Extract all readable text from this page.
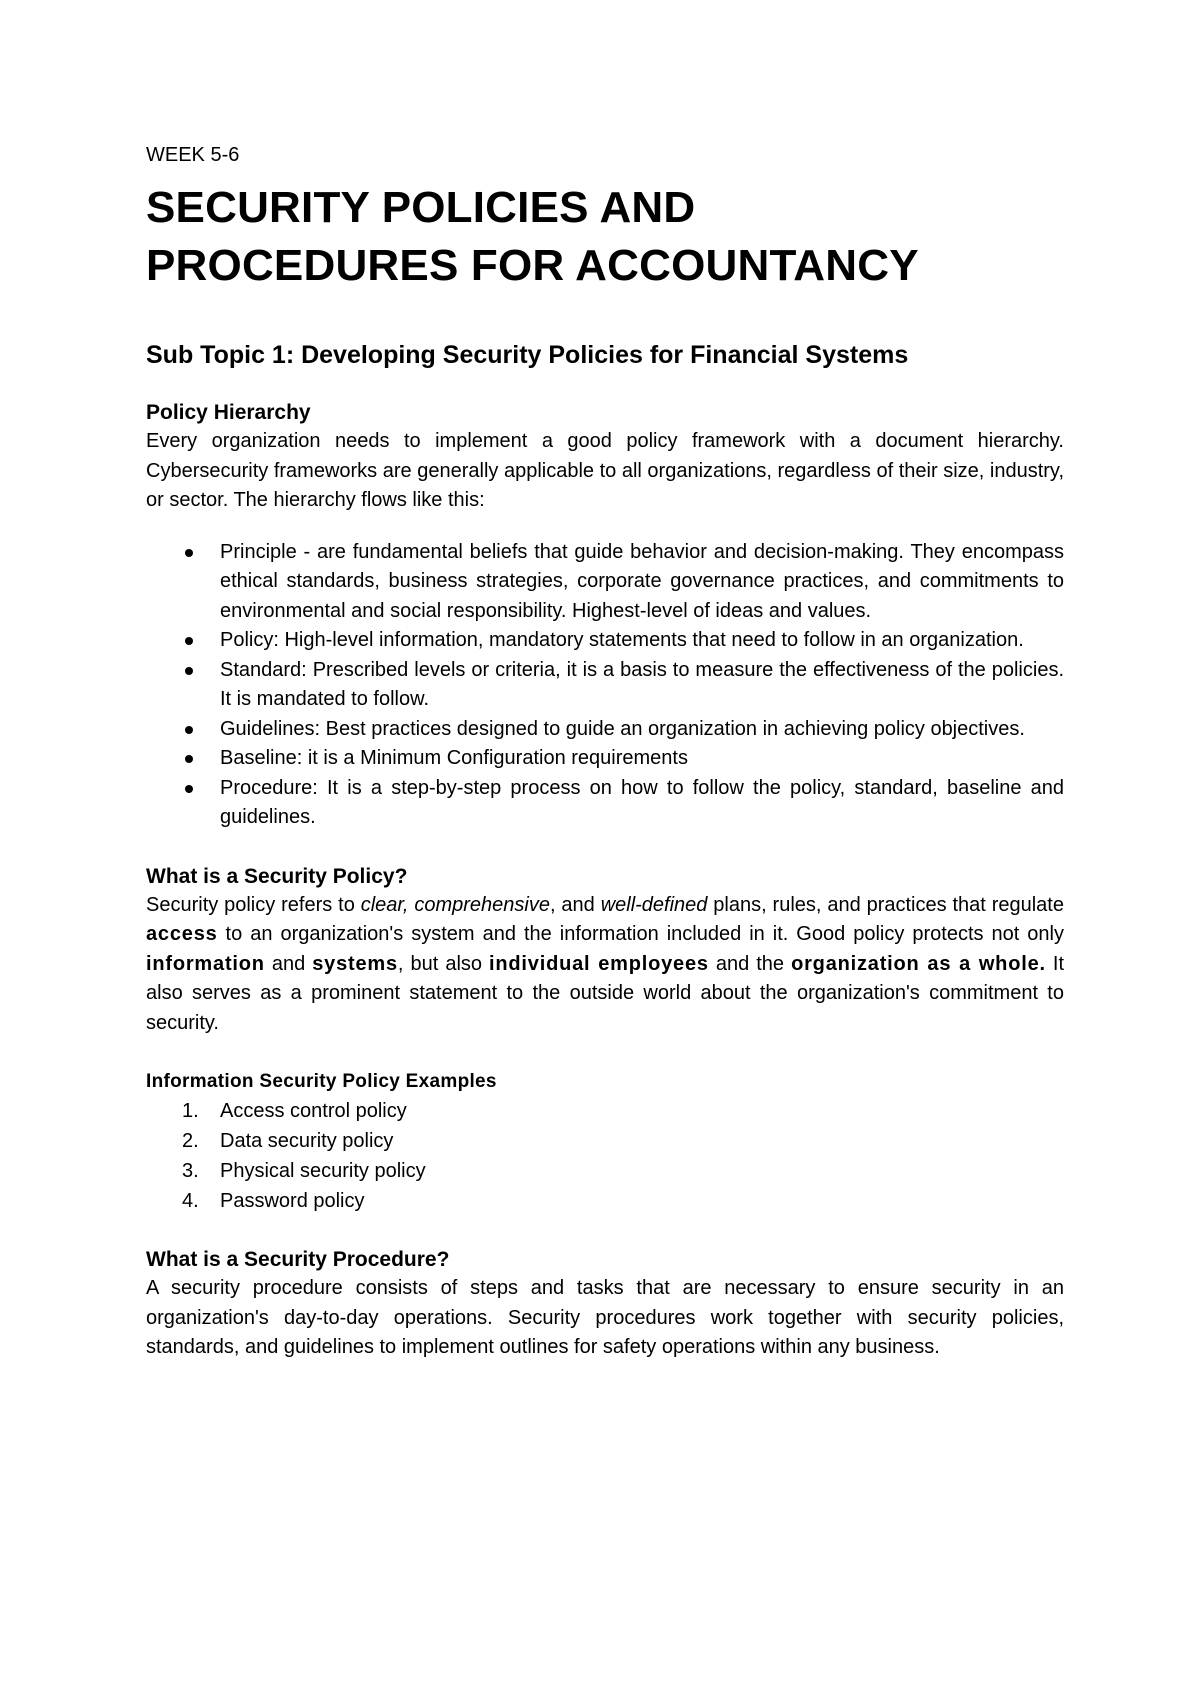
WEEK 5-6
SECURITY POLICIES AND
PROCEDURES FOR ACCOUNTANCY
Sub Topic 1: Developing Security Policies for Financial Systems
Policy Hierarchy

Every organization needs to implement a good policy framework with a document hierarchy. Cybersecurity frameworks are generally applicable to all organizations, regardless of their size, industry, or sector. The hierarchy flows like this:

Principle - are fundamental beliefs that guide behavior and decision-making. They encompass ethical standards, business strategies, corporate governance practices, and commitments to environmental and social responsibility. Highest-level of ideas and values.
Policy: High-level information, mandatory statements that need to follow in an organization.
Standard: Prescribed levels or criteria, it is a basis to measure the effectiveness of the policies. It is mandated to follow.
Guidelines: Best practices designed to guide an organization in achieving policy objectives.
Baseline: it is a Minimum Configuration requirements
Procedure: It is a step-by-step process on how to follow the policy, standard, baseline and guidelines.
What is a Security Policy?

Security policy refers to clear, comprehensive, and well-defined plans, rules, and practices that regulate access to an organization's system and the information included in it. Good policy protects not only information and systems, but also individual employees and the organization as a whole. It also serves as a prominent statement to the outside world about the organization's commitment to security.

Information Security Policy Examples
1. Access control policy
2. Data security policy
3. Physical security policy
4. Password policy
What is a Security Procedure?

A security procedure consists of steps and tasks that are necessary to ensure security in an organization's day-to-day operations. Security procedures work together with security policies, standards, and guidelines to implement outlines for safety operations within any business.
